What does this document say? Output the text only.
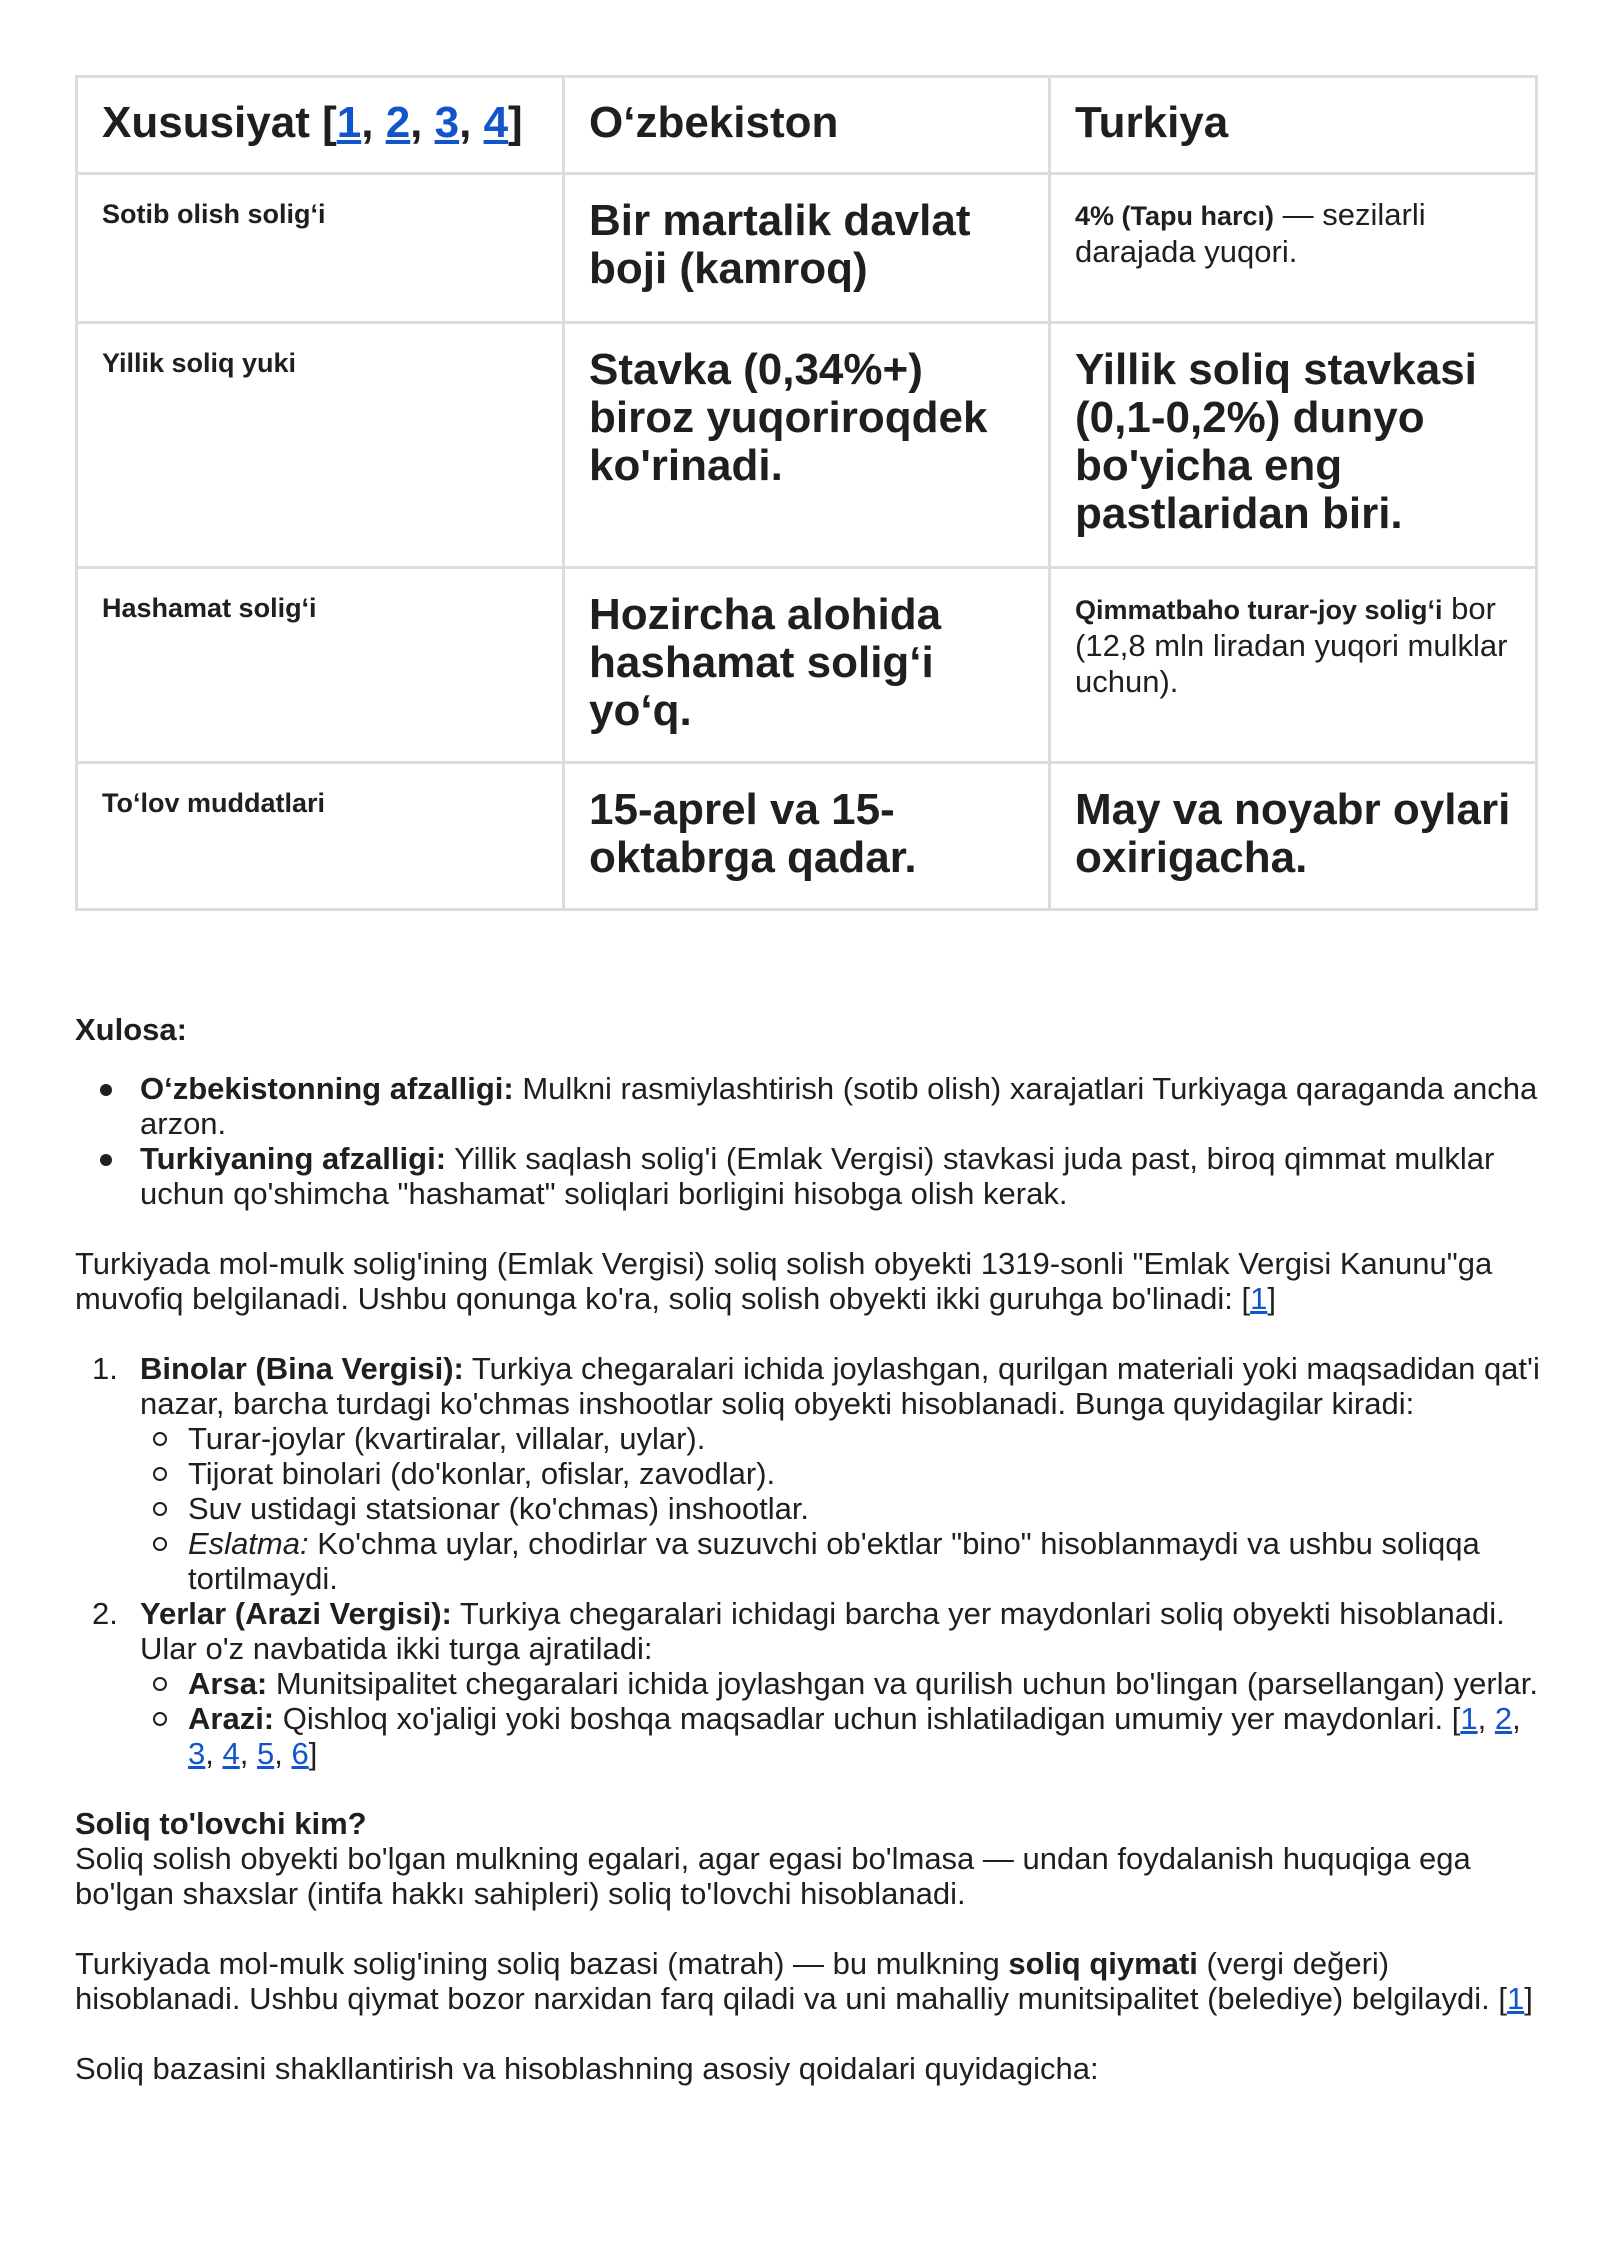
Xususiyat [1, 2, 3, 4]	O‘zbekiston	Turkiya
Sotib olish solig‘i	Bir martalik davlat boji (kamroq)	4% (Tapu harcı) — sezilarli darajada yuqori.
Yillik soliq yuki	Stavka (0,34%+) biroz yuqoriroqdek ko'rinadi.	Yillik soliq stavkasi (0,1-0,2%) dunyo bo'yicha eng pastlaridan biri.
Hashamat solig‘i	Hozircha alohida hashamat solig‘i yo‘q.	Qimmatbaho turar-joy solig‘i bor (12,8 mln liradan yuqori mulklar uchun).
To‘lov muddatlari	15-aprel va 15-oktabrga qadar.	May va noyabr oylari oxirigacha.

Xulosa:

O‘zbekistonning afzalligi: Mulkni rasmiylashtirish (sotib olish) xarajatlari Turkiyaga qaraganda ancha arzon.
Turkiyaning afzalligi: Yillik saqlash solig'i (Emlak Vergisi) stavkasi juda past, biroq qimmat mulklar uchun qo'shimcha "hashamat" soliqlari borligini hisobga olish kerak.

Turkiyada mol-mulk solig'ining (Emlak Vergisi) soliq solish obyekti 1319-sonli "Emlak Vergisi Kanunu"ga muvofiq belgilanadi. Ushbu qonunga ko'ra, soliq solish obyekti ikki guruhga bo'linadi: [1]

1. Binolar (Bina Vergisi): Turkiya chegaralari ichida joylashgan, qurilgan materiali yoki maqsadidan qat'i nazar, barcha turdagi ko'chmas inshootlar soliq obyekti hisoblanadi. Bunga quyidagilar kiradi:
Turar-joylar (kvartiralar, villalar, uylar).
Tijorat binolari (do'konlar, ofislar, zavodlar).
Suv ustidagi statsionar (ko'chmas) inshootlar.
Eslatma: Ko'chma uylar, chodirlar va suzuvchi ob'ektlar "bino" hisoblanmaydi va ushbu soliqqa tortilmaydi.
2. Yerlar (Arazi Vergisi): Turkiya chegaralari ichidagi barcha yer maydonlari soliq obyekti hisoblanadi. Ular o'z navbatida ikki turga ajratiladi:
Arsa: Munitsipalitet chegaralari ichida joylashgan va qurilish uchun bo'lingan (parsellangan) yerlar.
Arazi: Qishloq xo'jaligi yoki boshqa maqsadlar uchun ishlatiladigan umumiy yer maydonlari. [1, 2, 3, 4, 5, 6]

Soliq to'lovchi kim?

Soliq solish obyekti bo'lgan mulkning egalari, agar egasi bo'lmasa — undan foydalanish huquqiga ega bo'lgan shaxslar (intifa hakkı sahipleri) soliq to'lovchi hisoblanadi.

Turkiyada mol-mulk solig'ining soliq bazasi (matrah) — bu mulkning soliq qiymati (vergi değeri) hisoblanadi. Ushbu qiymat bozor narxidan farq qiladi va uni mahalliy munitsipalitet (belediye) belgilaydi. [1]

Soliq bazasini shakllantirish va hisoblashning asosiy qoidalari quyidagicha:
